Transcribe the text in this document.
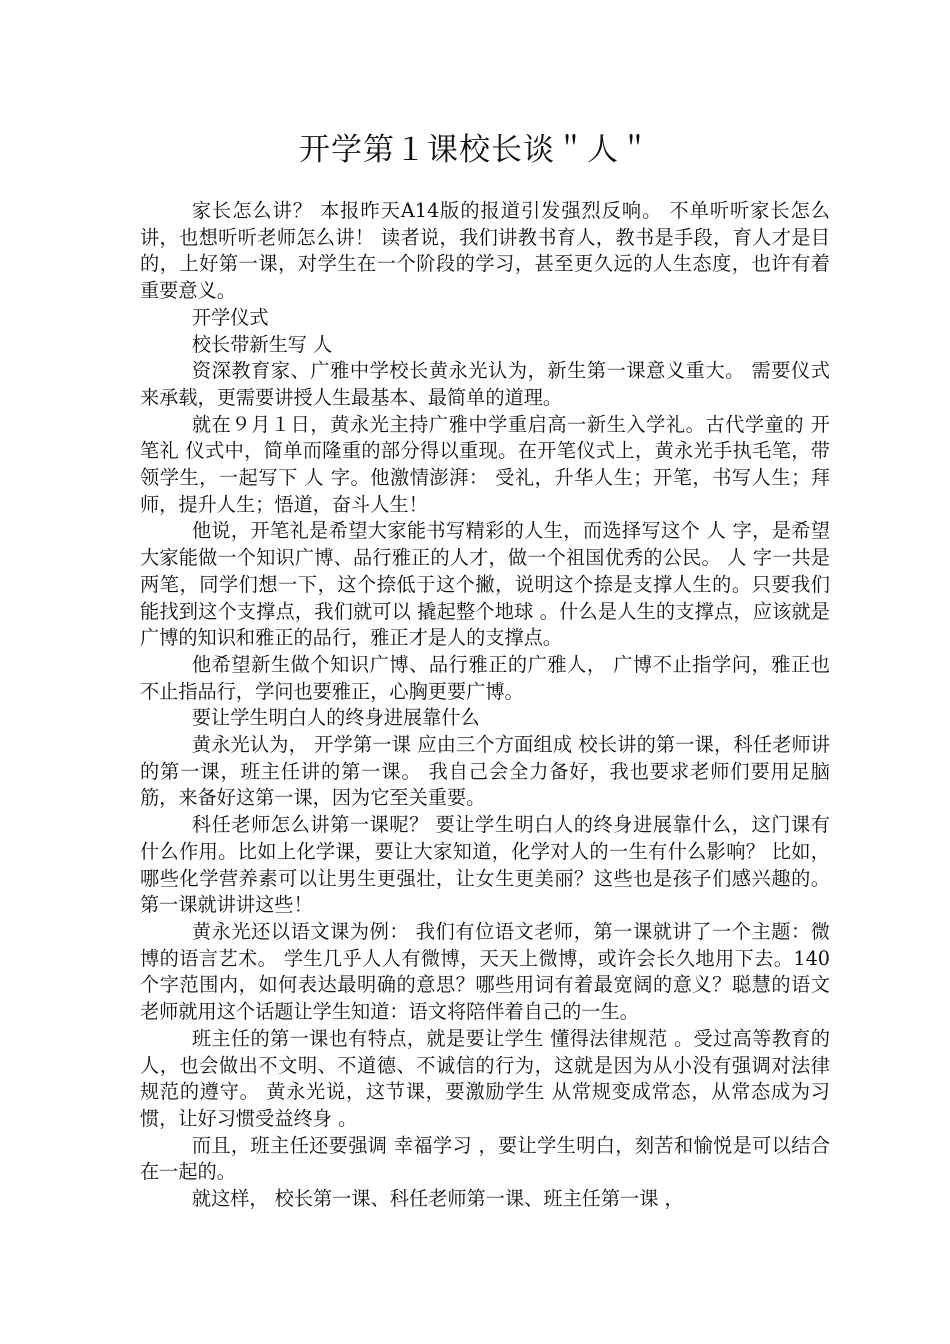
开学第１课校长谈＂人＂

家长怎么讲？ 本报昨天A14版的报道引发强烈反响。 不单听听家长怎么讲，也想听听老师怎么讲！ 读者说，我们讲教书育人，教书是手段，育人才是目的，上好第一课，对学生在一个阶段的学习，甚至更久远的人生态度，也许有着重要意义。

开学仪式

校长带新生写 人

资深教育家、广雅中学校长黄永光认为，新生第一课意义重大。 需要仪式来承载，更需要讲授人生最基本、最简单的道理。

就在９月１日，黄永光主持广雅中学重启高一新生入学礼。古代学童的 开笔礼 仪式中，简单而隆重的部分得以重现。在开笔仪式上，黄永光手执毛笔，带领学生，一起写下 人 字。他激情澎湃： 受礼，升华人生；开笔，书写人生；拜师，提升人生；悟道，奋斗人生！

他说，开笔礼是希望大家能书写精彩的人生，而选择写这个 人 字，是希望大家能做一个知识广博、品行雅正的人才，做一个祖国优秀的公民。 人 字一共是两笔，同学们想一下，这个捺低于这个撇，说明这个捺是支撑人生的。只要我们能找到这个支撑点，我们就可以 撬起整个地球 。什么是人生的支撑点，应该就是广博的知识和雅正的品行，雅正才是人的支撑点。

他希望新生做个知识广博、品行雅正的广雅人， 广博不止指学问，雅正也不止指品行，学问也要雅正，心胸更要广博。

要让学生明白人的终身进展靠什么

黄永光认为， 开学第一课 应由三个方面组成 校长讲的第一课，科任老师讲的第一课，班主任讲的第一课。 我自己会全力备好，我也要求老师们要用足脑筋，来备好这第一课，因为它至关重要。

科任老师怎么讲第一课呢？ 要让学生明白人的终身进展靠什么，这门课有什么作用。比如上化学课，要让大家知道，化学对人的一生有什么影响？ 比如，哪些化学营养素可以让男生更强壮，让女生更美丽？这些也是孩子们感兴趣的。第一课就讲讲这些！

黄永光还以语文课为例： 我们有位语文老师，第一课就讲了一个主题：微博的语言艺术。 学生几乎人人有微博，天天上微博，或许会长久地用下去。140个字范围内，如何表达最明确的意思？哪些用词有着最宽阔的意义？聪慧的语文老师就用这个话题让学生知道：语文将陪伴着自己的一生。

班主任的第一课也有特点，就是要让学生 懂得法律规范 。受过高等教育的人，也会做出不文明、不道德、不诚信的行为，这就是因为从小没有强调对法律规范的遵守。 黄永光说，这节课，要激励学生 从常规变成常态，从常态成为习惯，让好习惯受益终身 。

而且，班主任还要强调 幸福学习 ，要让学生明白，刻苦和愉悦是可以结合在一起的。

就这样， 校长第一课、科任老师第一课、班主任第一课 ，
